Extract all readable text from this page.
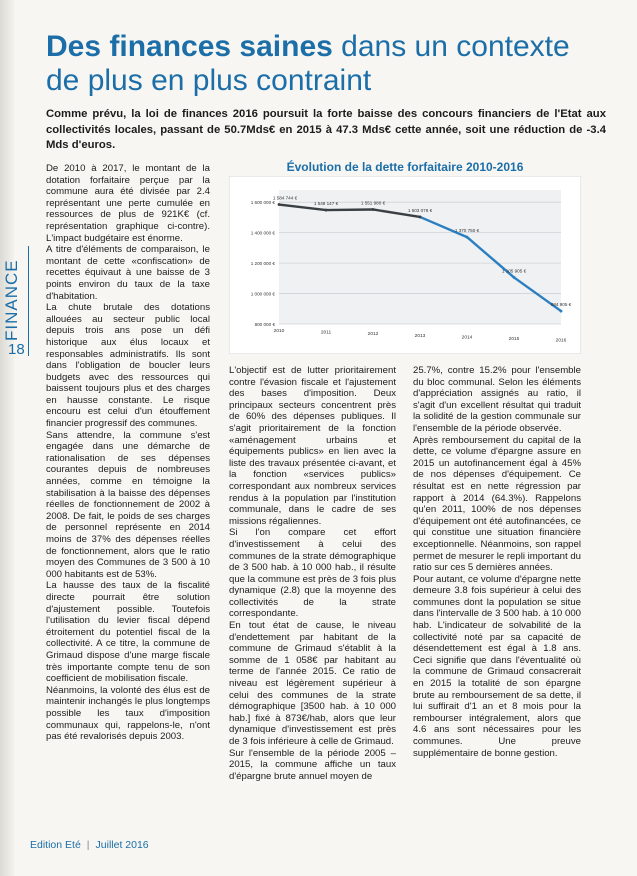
Des finances saines dans un contexte de plus en plus contraint
Comme prévu, la loi de finances 2016 poursuit la forte baisse des concours financiers de l'Etat aux collectivités locales, passant de 50.7Mds€ en 2015 à 47.3 Mds€ cette année, soit une réduction de -3.4 Mds d'euros.
FINANCE
18

De 2010 à 2017, le montant de la dotation forfaitaire perçue par la commune aura été divisée par 2.4 représentant une perte cumulée en ressources de plus de 921K€ (cf. représentation graphique ci-contre). L'impact budgétaire est énorme.

A titre d'éléments de comparaison, le montant de cette «confiscation» de recettes équivaut à une baisse de 3 points environ du taux de la taxe d'habitation.

La chute brutale des dotations allouées au secteur public local depuis trois ans pose un défi historique aux élus locaux et responsables administratifs. Ils sont dans l'obligation de boucler leurs budgets avec des ressources qui baissent toujours plus et des charges en hausse constante. Le risque encouru est celui d'un étouffement financier progressif des communes.

Sans attendre, la commune s'est engagée dans une démarche de rationalisation de ses dépenses courantes depuis de nombreuses années, comme en témoigne la stabilisation à la baisse des dépenses réelles de fonctionnement de 2002 à 2008. De fait, le poids de ses charges de personnel représente en 2014 moins de 37% des dépenses réelles de fonctionnement, alors que le ratio moyen des Communes de 3 500 à 10 000 habitants est de 53%.

La hausse des taux de la fiscalité directe pourrait être solution d'ajustement possible. Toutefois l'utilisation du levier fiscal dépend étroitement du potentiel fiscal de la collectivité. A ce titre, la commune de Grimaud dispose d'une marge fiscale très importante compte tenu de son coefficient de mobilisation fiscale.

Néanmoins, la volonté des élus est de maintenir inchangés le plus longtemps possible les taux d'imposition communaux qui, rappelons-le, n'ont pas été revalorisés depuis 2003.

Évolution de la dette forfaitaire 2010-2016
800 000 €
1 000 000 €
1 200 000 €
1 400 000 €
1 600 000 €
2010	2011	2012	2013	2014	2015	2016
1 584 744 €
1 548 147 €	1 551 980 €
1 503 078 €
1 370 750 €
1 105 905 €
884 905 €

L'objectif est de lutter prioritairement contre l'évasion fiscale et l'ajustement des bases d'imposition. Deux principaux secteurs concentrent près de 60% des dépenses publiques. Il s'agit prioritairement de la fonction «aménagement urbains et équipements publics» en lien avec la liste des travaux présentée ci-avant, et la fonction «services publics» correspondant aux nombreux services rendus à la population par l'institution communale, dans le cadre de ses missions régaliennes.

Si l'on compare cet effort d'investissement à celui des communes de la strate démographique de 3 500 hab. à 10 000 hab., il résulte que la commune est près de 3 fois plus dynamique (2.8) que la moyenne des collectivités de la strate correspondante.

En tout état de cause, le niveau d'endettement par habitant de la commune de Grimaud s'établit à la somme de 1 058€ par habitant au terme de l'année 2015. Ce ratio de niveau est légèrement supérieur à celui des communes de la strate démographique [3500 hab. à 10 000 hab.] fixé à 873€/hab, alors que leur dynamique d'investissement est près de 3 fois inférieure à celle de Grimaud.

Sur l'ensemble de la période 2005 – 2015, la commune affiche un taux d'épargne brute annuel moyen de

25.7%, contre 15.2% pour l'ensemble du bloc communal. Selon les éléments d'appréciation assignés au ratio, il s'agit d'un excellent résultat qui traduit la solidité de la gestion communale sur l'ensemble de la période observée.

Après remboursement du capital de la dette, ce volume d'épargne assure en 2015 un autofinancement égal à 45% de nos dépenses d'équipement. Ce résultat est en nette régression par rapport à 2014 (64.3%). Rappelons qu'en 2011, 100% de nos dépenses d'équipement ont été autofinancées, ce qui constitue une situation financière exceptionnelle. Néanmoins, son rappel permet de mesurer le repli important du ratio sur ces 5 dernières années.

Pour autant, ce volume d'épargne nette demeure 3.8 fois supérieur à celui des communes dont la population se situe dans l'intervalle de 3 500 hab. à 10 000 hab. L'indicateur de solvabilité de la collectivité noté par sa capacité de désendettement est égal à 1.8 ans. Ceci signifie que dans l'éventualité où la commune de Grimaud consacrerait en 2015 la totalité de son épargne brute au remboursement de sa dette, il lui suffirait d'1 an et 8 mois pour la rembourser intégralement, alors que 4.6 ans sont nécessaires pour les communes. Une preuve supplémentaire de bonne gestion.

Edition Eté | Juillet 2016
